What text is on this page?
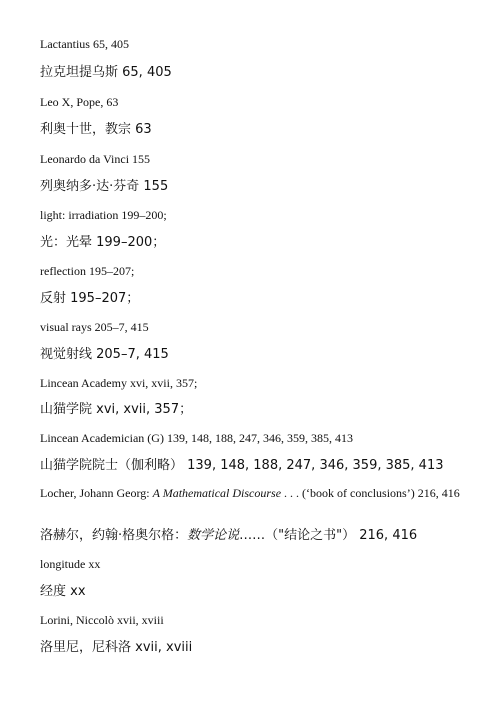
Lactantius 65, 405
拉克坦提乌斯 65, 405
Leo X, Pope, 63
利奥十世，教宗 63
Leonardo da Vinci 155
列奥纳多·达·芬奇 155
light: irradiation 199–200;
光：光晕 199–200；
reflection 195–207;
反射 195–207；
visual rays 205–7, 415
视觉射线 205–7, 415
Lincean Academy xvi, xvii, 357;
山猫学院 xvi, xvii, 357；
Lincean Academician (G) 139, 148, 188, 247, 346, 359, 385, 413
山猫学院院士（伽利略） 139, 148, 188, 247, 346, 359, 385, 413
Locher, Johann Georg: A Mathematical Discourse . . . (‘book of conclusions’) 216, 416
洛赫尔，约翰·格奥尔格：数学论说……（"结论之书"） 216, 416
longitude xx
经度 xx
Lorini, Niccolò xvii, xviii
洛里尼，尼科洛 xvii, xviii
